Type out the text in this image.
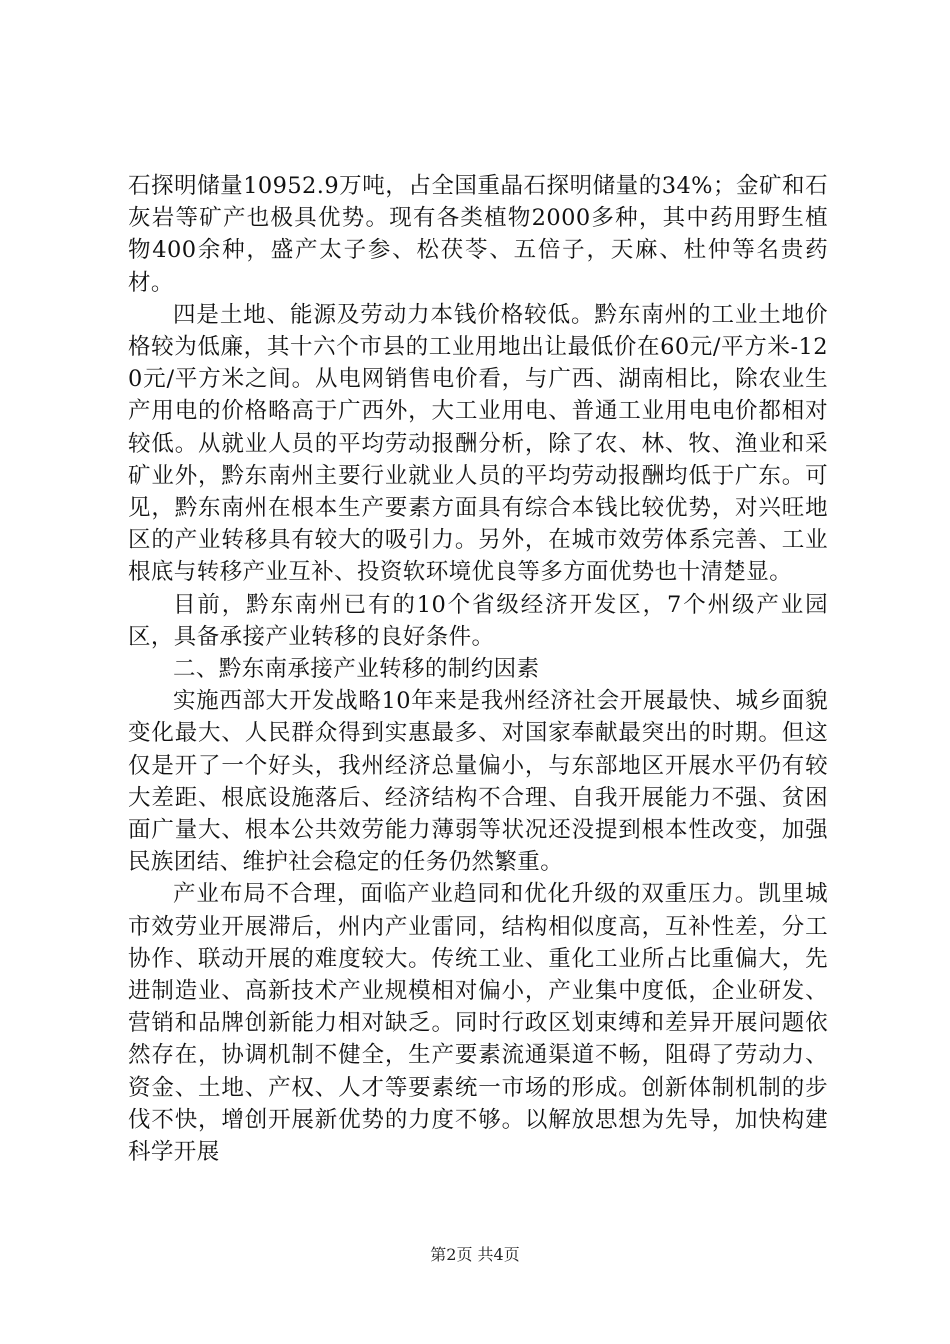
石探明储量10952.9万吨，占全国重晶石探明储量的34%；金矿和石灰岩等矿产也极具优势。现有各类植物2000多种，其中药用野生植物400余种，盛产太子参、松茯苓、五倍子，天麻、杜仲等名贵药材。

四是土地、能源及劳动力本钱价格较低。黔东南州的工业土地价格较为低廉，其十六个市县的工业用地出让最低价在60元/平方米-120元/平方米之间。从电网销售电价看，与广西、湖南相比，除农业生产用电的价格略高于广西外，大工业用电、普通工业用电电价都相对较低。从就业人员的平均劳动报酬分析，除了农、林、牧、渔业和采矿业外，黔东南州主要行业就业人员的平均劳动报酬均低于广东。可见，黔东南州在根本生产要素方面具有综合本钱比较优势，对兴旺地区的产业转移具有较大的吸引力。另外，在城市效劳体系完善、工业根底与转移产业互补、投资软环境优良等多方面优势也十清楚显。

目前，黔东南州已有的10个省级经济开发区，7个州级产业园区，具备承接产业转移的良好条件。

二、黔东南承接产业转移的制约因素

实施西部大开发战略10年来是我州经济社会开展最快、城乡面貌变化最大、人民群众得到实惠最多、对国家奉献最突出的时期。但这仅是开了一个好头，我州经济总量偏小，与东部地区开展水平仍有较大差距、根底设施落后、经济结构不合理、自我开展能力不强、贫困面广量大、根本公共效劳能力薄弱等状况还没提到根本性改变，加强民族团结、维护社会稳定的任务仍然繁重。

产业布局不合理，面临产业趋同和优化升级的双重压力。凯里城市效劳业开展滞后，州内产业雷同，结构相似度高，互补性差，分工协作、联动开展的难度较大。传统工业、重化工业所占比重偏大，先进制造业、高新技术产业规模相对偏小，产业集中度低，企业研发、营销和品牌创新能力相对缺乏。同时行政区划束缚和差异开展问题依然存在，协调机制不健全，生产要素流通渠道不畅，阻碍了劳动力、资金、土地、产权、人才等要素统一市场的形成。创新体制机制的步伐不快，增创开展新优势的力度不够。以解放思想为先导，加快构建科学开展

第2页 共4页
